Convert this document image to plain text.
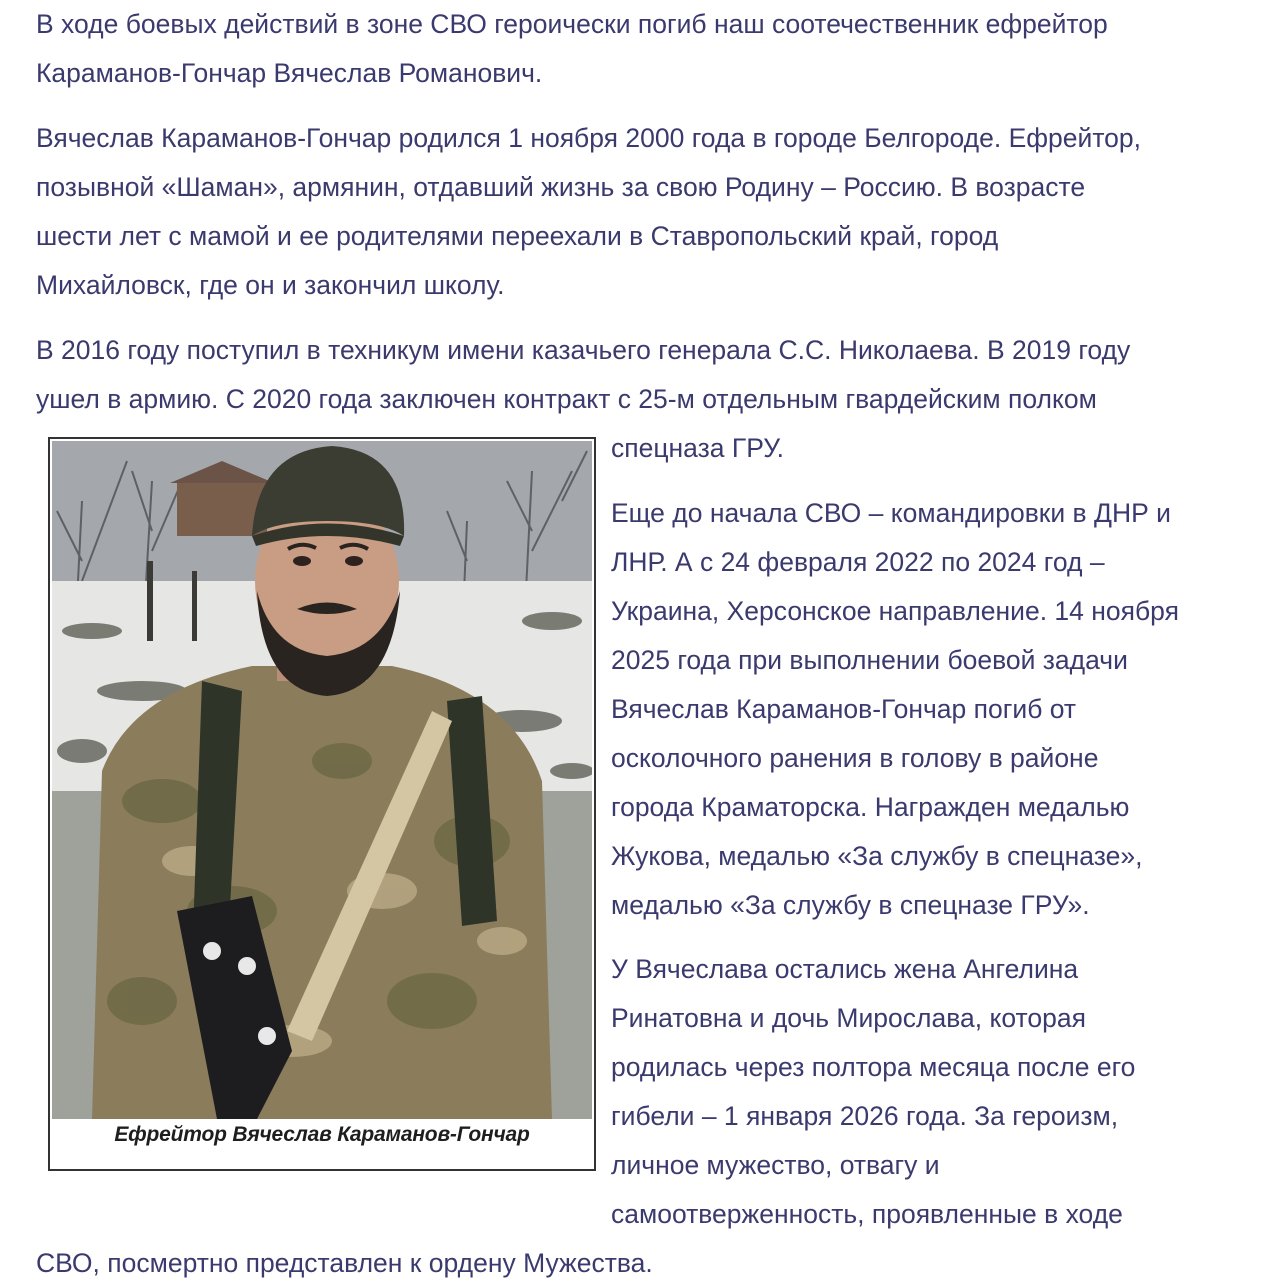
В ходе боевых действий в зоне СВО героически погиб наш соотечественник ефрейтор
Караманов-Гончар Вячеслав Романович.

Вячеслав Караманов-Гончар родился 1 ноября 2000 года в городе Белгороде. Ефрейтор,
позывной «Шаман», армянин, отдавший жизнь за свою Родину – Россию. В возрасте
шести лет с мамой и ее родителями переехали в Ставропольский край, город
Михайловск, где он и закончил школу.

В 2016 году поступил в техникум имени казачьего генерала С.С. Николаева. В 2019 году
ушел в армию. С 2020 года заключен контракт с 25-м отдельным гвардейским полком
спецназа ГРУ.

Еще до начала СВО – командировки в ДНР и
ЛНР. А с 24 февраля 2022 по 2024 год –
Украина, Херсонское направление. 14 ноября
2025 года при выполнении боевой задачи
Вячеслав Караманов-Гончар погиб от
осколочного ранения в голову в районе
города Краматорска. Награжден медалью
Жукова, медалью «За службу в спецназе»,
медалью «За службу в спецназе ГРУ».

У Вячеслава остались жена Ангелина
Ринатовна и дочь Мирослава, которая
родилась через полтора месяца после его
гибели – 1 января 2026 года. За героизм,
личное мужество, отвагу и
самоотверженность, проявленные в ходе
СВО, посмертно представлен к ордену Мужества.

Ефрейтор Вячеслав Караманов-Гончар
